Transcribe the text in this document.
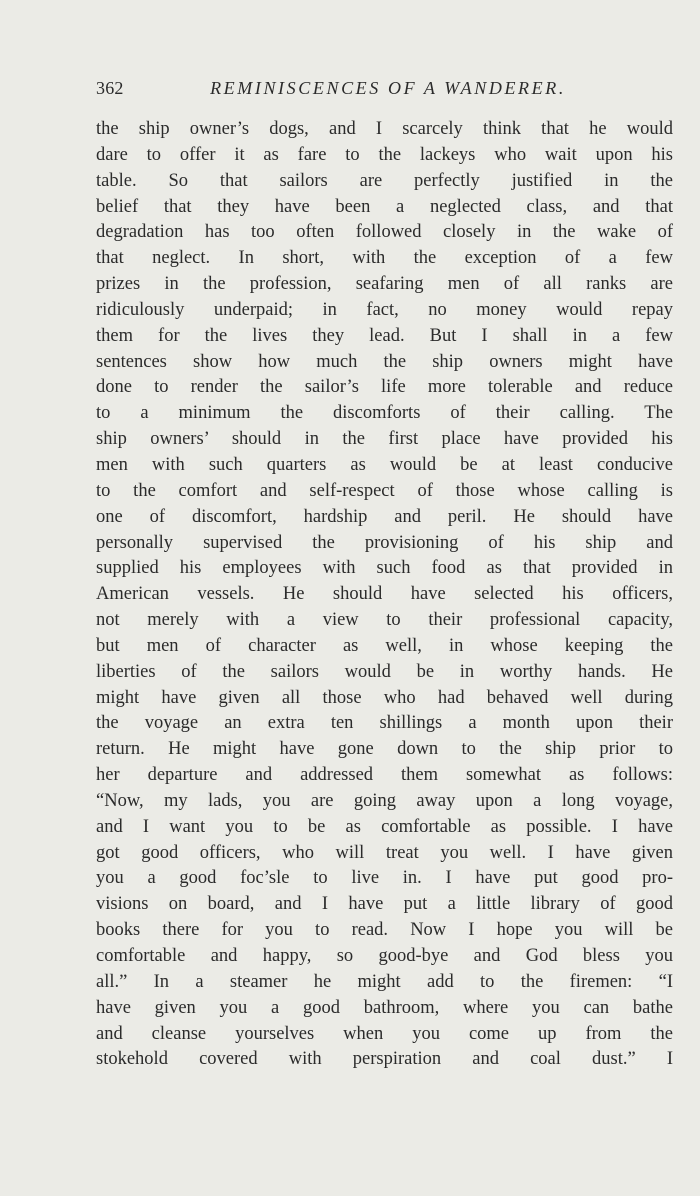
362	REMINISCENCES OF A WANDERER.
the ship owner’s dogs, and I scarcely think that he would
dare to offer it as fare to the lackeys who wait upon his
table. So that sailors are perfectly justified in the
belief that they have been a neglected class, and that
degradation has too often followed closely in the wake of
that neglect. In short, with the exception of a few
prizes in the profession, seafaring men of all ranks are
ridiculously underpaid; in fact, no money would repay
them for the lives they lead. But I shall in a few
sentences show how much the ship owners might have
done to render the sailor’s life more tolerable and reduce
to a minimum the discomforts of their calling. The
ship owners’ should in the first place have provided his
men with such quarters as would be at least conducive
to the comfort and self-respect of those whose calling is
one of discomfort, hardship and peril. He should have
personally supervised the provisioning of his ship and
supplied his employees with such food as that provided in
American vessels. He should have selected his officers,
not merely with a view to their professional capacity,
but men of character as well, in whose keeping the
liberties of the sailors would be in worthy hands. He
might have given all those who had behaved well during
the voyage an extra ten shillings a month upon their
return. He might have gone down to the ship prior to
her departure and addressed them somewhat as follows:
“Now, my lads, you are going away upon a long voyage,
and I want you to be as comfortable as possible. I have
got good officers, who will treat you well. I have given
you a good foc’sle to live in. I have put good pro-
visions on board, and I have put a little library of good
books there for you to read. Now I hope you will be
comfortable and happy, so good-bye and God bless you
all.” In a steamer he might add to the firemen: “I
have given you a good bathroom, where you can bathe
and cleanse yourselves when you come up from the
stokehold covered with perspiration and coal dust.” I
